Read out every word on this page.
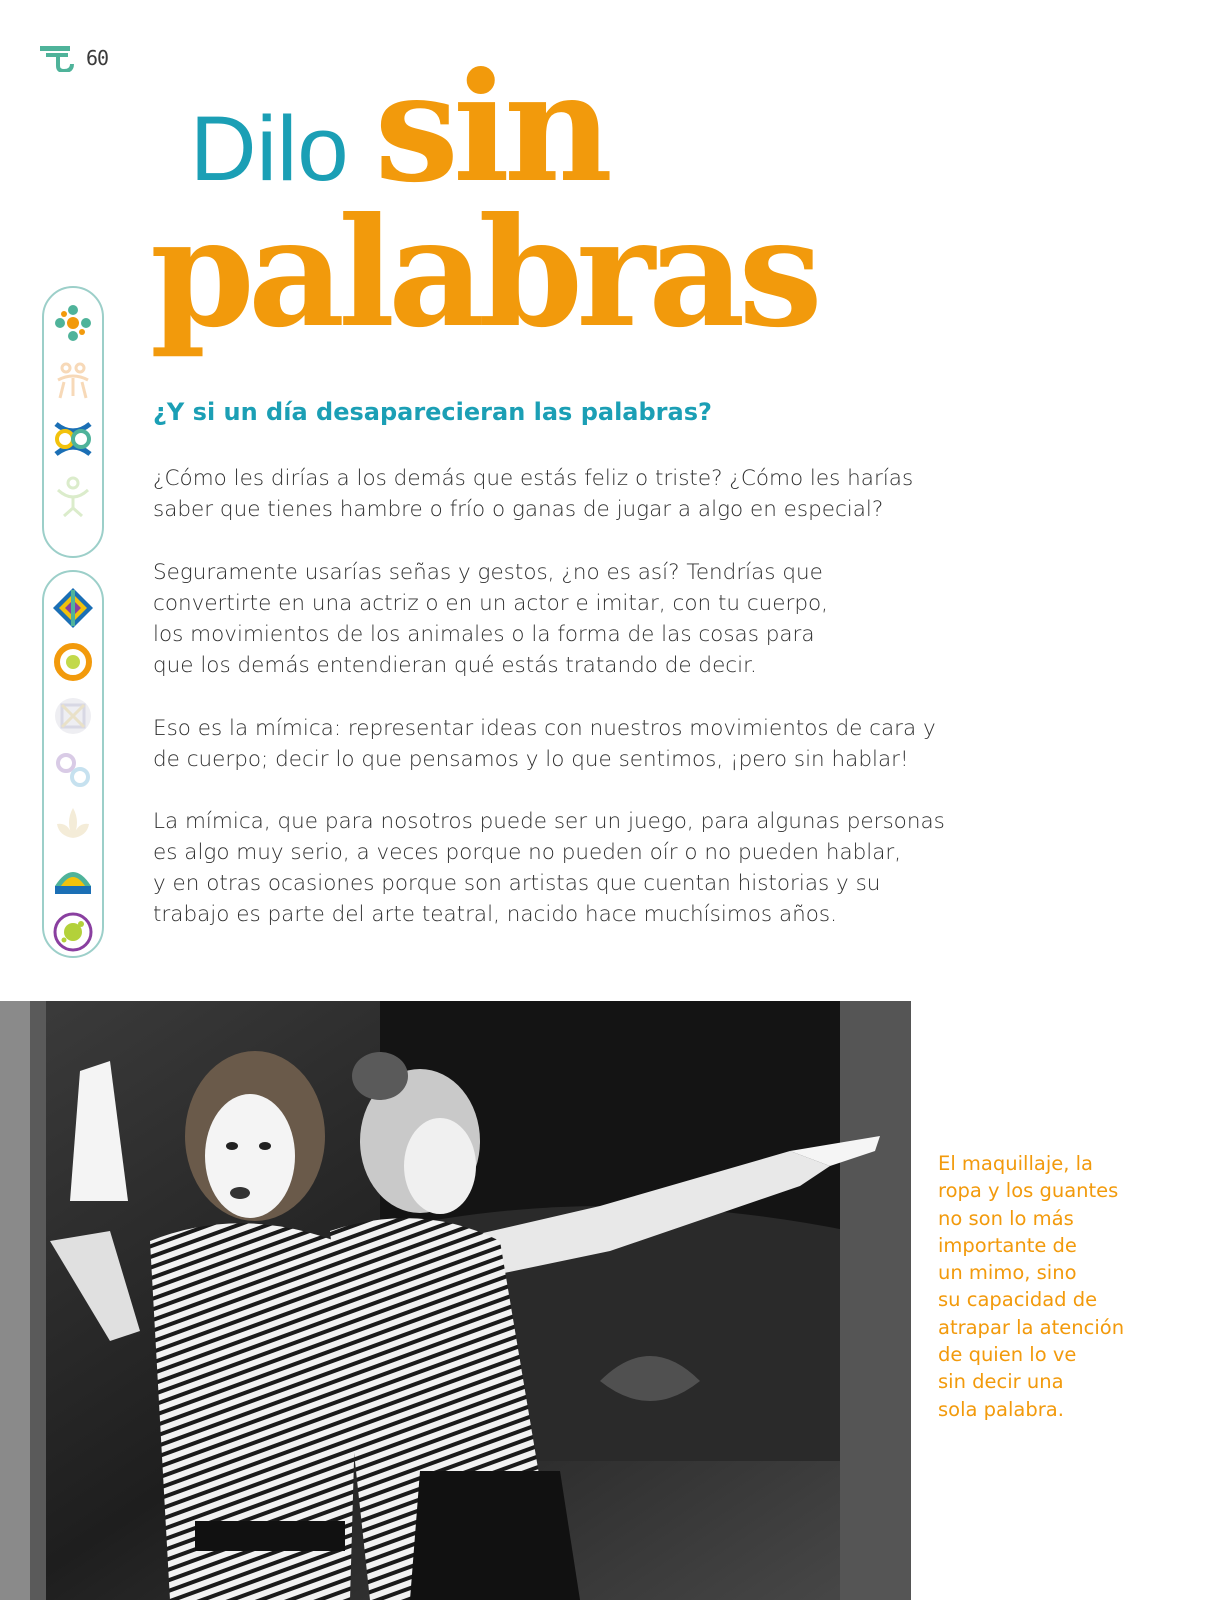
60
Dilo sin
palabras
¿Y si un día desaparecieran las palabras?
¿Cómo les dirías a los demás que estás feliz o triste? ¿Cómo les harías
saber que tienes hambre o frío o ganas de jugar a algo en especial?
Seguramente usarías señas y gestos, ¿no es así? Tendrías que
convertirte en una actriz o en un actor e imitar, con tu cuerpo,
los movimientos de los animales o la forma de las cosas para
que los demás entendieran qué estás tratando de decir.
Eso es la mímica: representar ideas con nuestros movimientos de cara y
de cuerpo; decir lo que pensamos y lo que sentimos, ¡pero sin hablar!
La mímica, que para nosotros puede ser un juego, para algunas personas
es algo muy serio, a veces porque no pueden oír o no pueden hablar,
y en otras ocasiones porque son artistas que cuentan historias y su
trabajo es parte del arte teatral, nacido hace muchísimos años.
El maquillaje, la
ropa y los guantes
no son lo más
importante de
un mimo, sino
su capacidad de
atrapar la atención
de quien lo ve
sin decir una
sola palabra.
